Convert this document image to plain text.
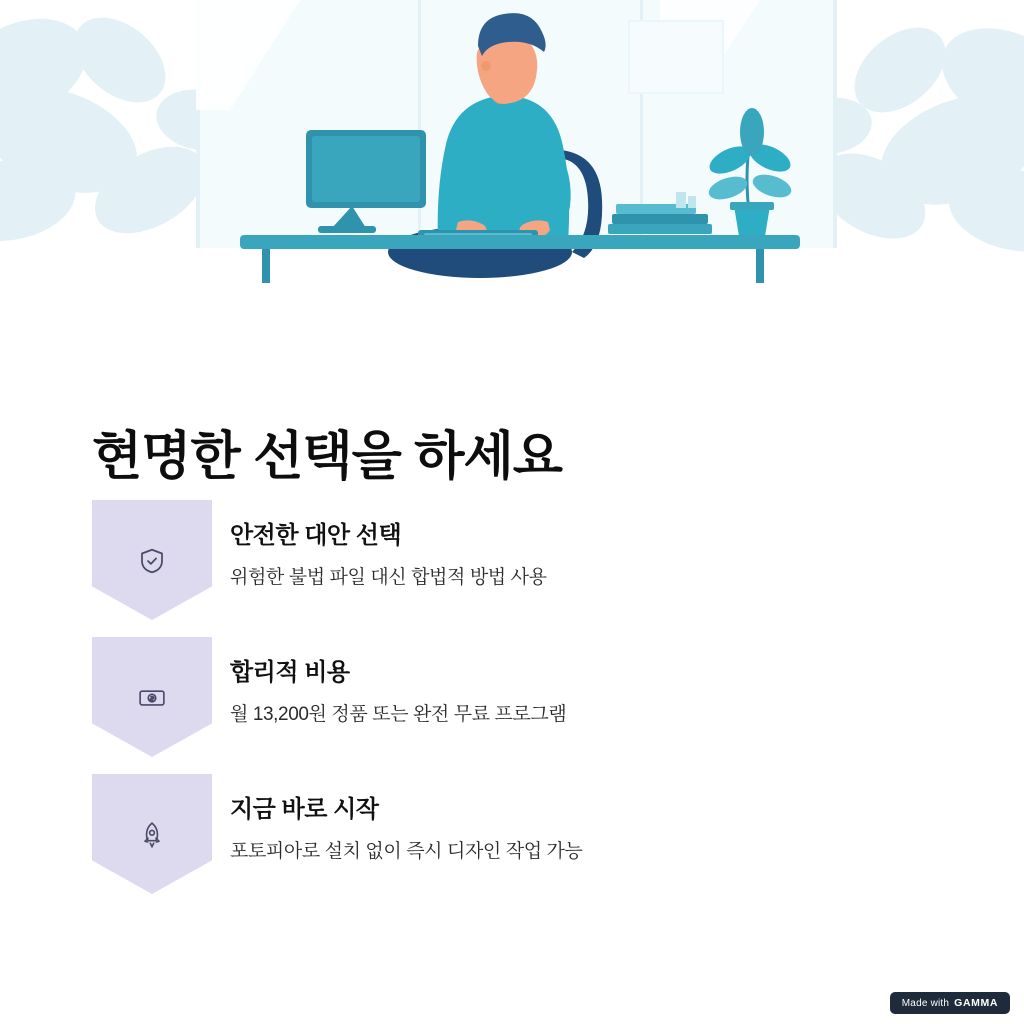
현명한 선택을 하세요

안전한 대안 선택

위험한 불법 파일 대신 합법적 방법 사용

합리적 비용

월 13,200원 정품 또는 완전 무료 프로그램

지금 바로 시작

포토피아로 설치 없이 즉시 디자인 작업 가능

Made with GAMMA
